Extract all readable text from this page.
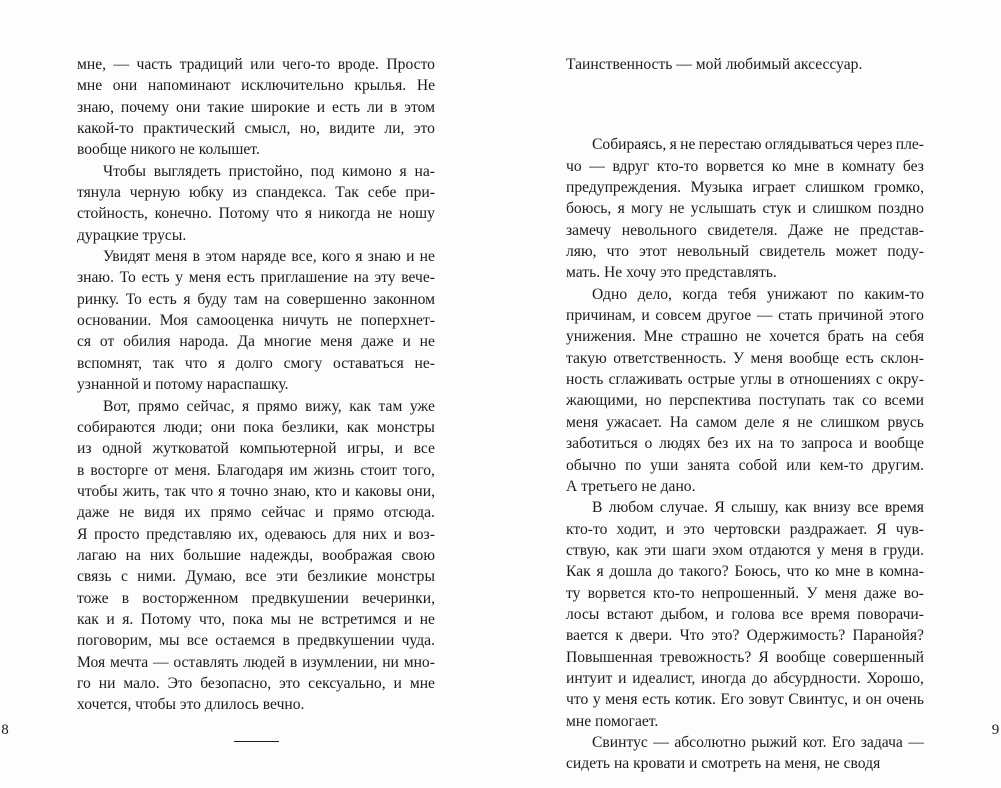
мне, — часть традиций или чего-то вроде. Просто
мне они напоминают исключительно крылья. Не
знаю, почему они такие широкие и есть ли в этом
какой-то практический смысл, но, видите ли, это
вообще никого не колышет.
Чтобы выглядеть пристойно, под кимоно я на-
тянула черную юбку из спандекса. Так себе при-
стойность, конечно. Потому что я никогда не ношу
дурацкие трусы.
Увидят меня в этом наряде все, кого я знаю и не
знаю. То есть у меня есть приглашение на эту вече-
ринку. То есть я буду там на совершенно законном
основании. Моя самооценка ничуть не поперхнет-
ся от обилия народа. Да многие меня даже и не
вспомнят, так что я долго смогу оставаться не-
узнанной и потому нараспашку.
Вот, прямо сейчас, я прямо вижу, как там уже
собираются люди; они пока безлики, как монстры
из одной жутковатой компьютерной игры, и все
в восторге от меня. Благодаря им жизнь стоит того,
чтобы жить, так что я точно знаю, кто и каковы они,
даже не видя их прямо сейчас и прямо отсюда.
Я просто представляю их, одеваюсь для них и воз-
лагаю на них большие надежды, воображая свою
связь с ними. Думаю, все эти безликие монстры
тоже в восторженном предвкушении вечеринки,
как и я. Потому что, пока мы не встретимся и не
поговорим, мы все остаемся в предвкушении чуда.
Моя мечта — оставлять людей в изумлении, ни мно-
го ни мало. Это безопасно, это сексуально, и мне
хочется, чтобы это длилось вечно.
8
Таинственность — мой любимый аксессуар.
Собираясь, я не перестаю оглядываться через пле-
чо — вдруг кто-то ворвется ко мне в комнату без
предупреждения. Музыка играет слишком громко,
боюсь, я могу не услышать стук и слишком поздно
замечу невольного свидетеля. Даже не представ-
ляю, что этот невольный свидетель может поду-
мать. Не хочу это представлять.
Одно дело, когда тебя унижают по каким-то
причинам, и совсем другое — стать причиной этого
унижения. Мне страшно не хочется брать на себя
такую ответственность. У меня вообще есть склон-
ность сглаживать острые углы в отношениях с окру-
жающими, но перспектива поступать так со всеми
меня ужасает. На самом деле я не слишком рвусь
заботиться о людях без их на то запроса и вообще
обычно по уши занята собой или кем-то другим.
А третьего не дано.
В любом случае. Я слышу, как внизу все время
кто-то ходит, и это чертовски раздражает. Я чув-
ствую, как эти шаги эхом отдаются у меня в груди.
Как я дошла до такого? Боюсь, что ко мне в комна-
ту ворвется кто-то непрошенный. У меня даже во-
лосы встают дыбом, и голова все время поворачи-
вается к двери. Что это? Одержимость? Паранойя?
Повышенная тревожность? Я вообще совершенный
интуит и идеалист, иногда до абсурдности. Хорошо,
что у меня есть котик. Его зовут Свинтус, и он очень
мне помогает.
Свинтус — абсолютно рыжий кот. Его задача —
сидеть на кровати и смотреть на меня, не сводя
9
